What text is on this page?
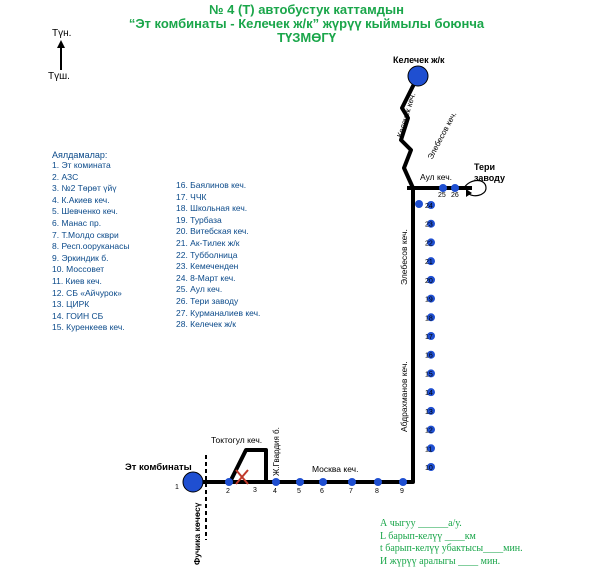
№ 4 (Т) автобустук каттамдын
“Эт комбинаты - Келечек ж/к” жүрүү кыймылы боюнча
ТҮЗМӨГҮ
Түн.
Түш.
Аялдамалар:
1. Эт комината
2. АЗС
3. №2 Төрөт үйү
4. К.Акиев кеч.
5. Шевченко кеч.
6. Манас пр.
7. Т.Молдо скври
8. Респ.ооруканасы
9. Эркиндик б.
10. Моссовет
11. Киев кеч.
12. СБ «Айчурок»
13. ЦИРК
14. ГОИН СБ
15. Куренкеев кеч.
16. Баялинов кеч.
17. ЧЧК
18. Школьная кеч.
19. Турбаза
20. Витебская кеч.
21. Ак-Тилек ж/к
22. Тубболница
23. Кемеченден
24. 8-Март кеч.
25. Аул кеч.
26. Тери заводу
27. Курманалиев кеч.
28. Келечек ж/к
1
2	3 4	5	6	7	8	9
10
11
12
13
14
15
16
17
18
19
20
21
22
23
24
25 26
Эт комбинаты
Келечек ж/к
Тери
заводу
Фучика көчөсү
Токтогул кеч. Ж.Гвардия б.	Москва кеч.
Абдрахманов кеч.
Элебесов кеч.
Аул кеч.
Элебесов кеч.
Келечек кеч.
А чыгуу ______а/у.
L барып-келүү ____км
t барып-келүү убактысы____мин.
И жүрүү аралыгы ____ мин.
